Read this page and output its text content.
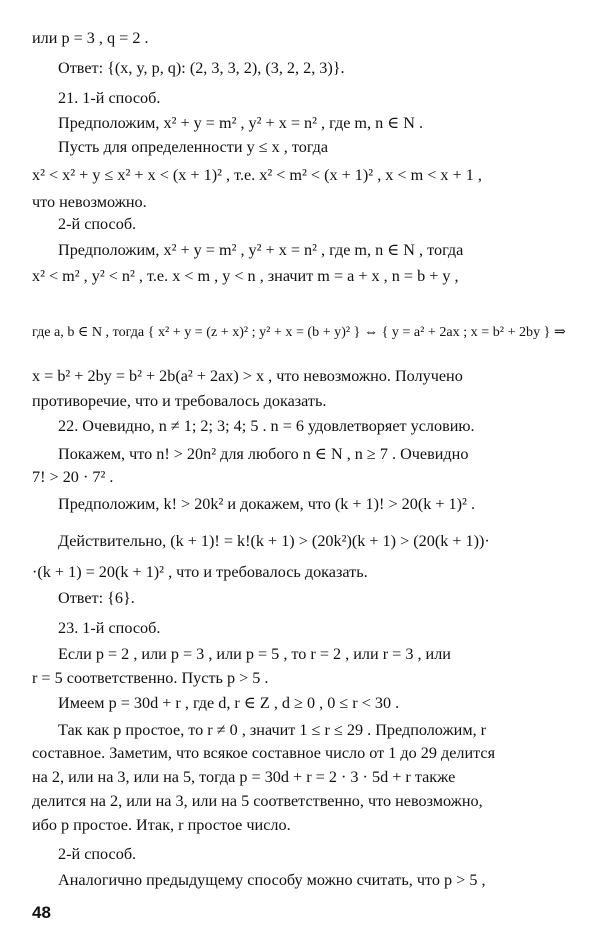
или p = 3 , q = 2 .
Ответ: {(x, y, p, q): (2, 3, 3, 2), (3, 2, 2, 3)}.
21. 1-й способ.
Предположим, x² + y = m² , y² + x = n² , где m, n ∈ N .
Пусть для определенности y ≤ x , тогда
x² < x² + y ≤ x² + x < (x + 1)² , т.е. x² < m² < (x + 1)² , x < m < x + 1 ,
что невозможно.
2-й способ.
Предположим, x² + y = m² , y² + x = n² , где m, n ∈ N , тогда
x² < m² , y² < n² , т.е. x < m , y < n , значит m = a + x , n = b + y ,
где a, b ∈ N , тогда { x² + y = (z + x)² ; y² + x = (b + y)² } ⇔ { y = a² + 2ax ; x = b² + 2by } ⇒
x = b² + 2by = b² + 2b(a² + 2ax) > x , что невозможно. Получено
противоречие, что и требовалось доказать.
22. Очевидно, n ≠ 1; 2; 3; 4; 5 . n = 6 удовлетворяет условию.
Покажем, что n! > 20n² для любого n ∈ N , n ≥ 7 . Очевидно
7! > 20 · 7² .
Предположим, k! > 20k² и докажем, что (k + 1)! > 20(k + 1)² .
Действительно, (k + 1)! = k!(k + 1) > (20k²)(k + 1) > (20(k + 1))·
·(k + 1) = 20(k + 1)² , что и требовалось доказать.
Ответ: {6}.
23. 1-й способ.
Если p = 2 , или p = 3 , или p = 5 , то r = 2 , или r = 3 , или
r = 5 соответственно. Пусть p > 5 .
Имеем p = 30d + r , где d, r ∈ Z , d ≥ 0 , 0 ≤ r < 30 .
Так как p простое, то r ≠ 0 , значит 1 ≤ r ≤ 29 . Предположим, r
составное. Заметим, что всякое составное число от 1 до 29 делится
на 2, или на 3, или на 5, тогда p = 30d + r = 2 · 3 · 5d + r также
делится на 2, или на 3, или на 5 соответственно, что невозможно,
ибо p простое. Итак, r простое число.
2-й способ.
Аналогично предыдущему способу можно считать, что p > 5 ,
48
